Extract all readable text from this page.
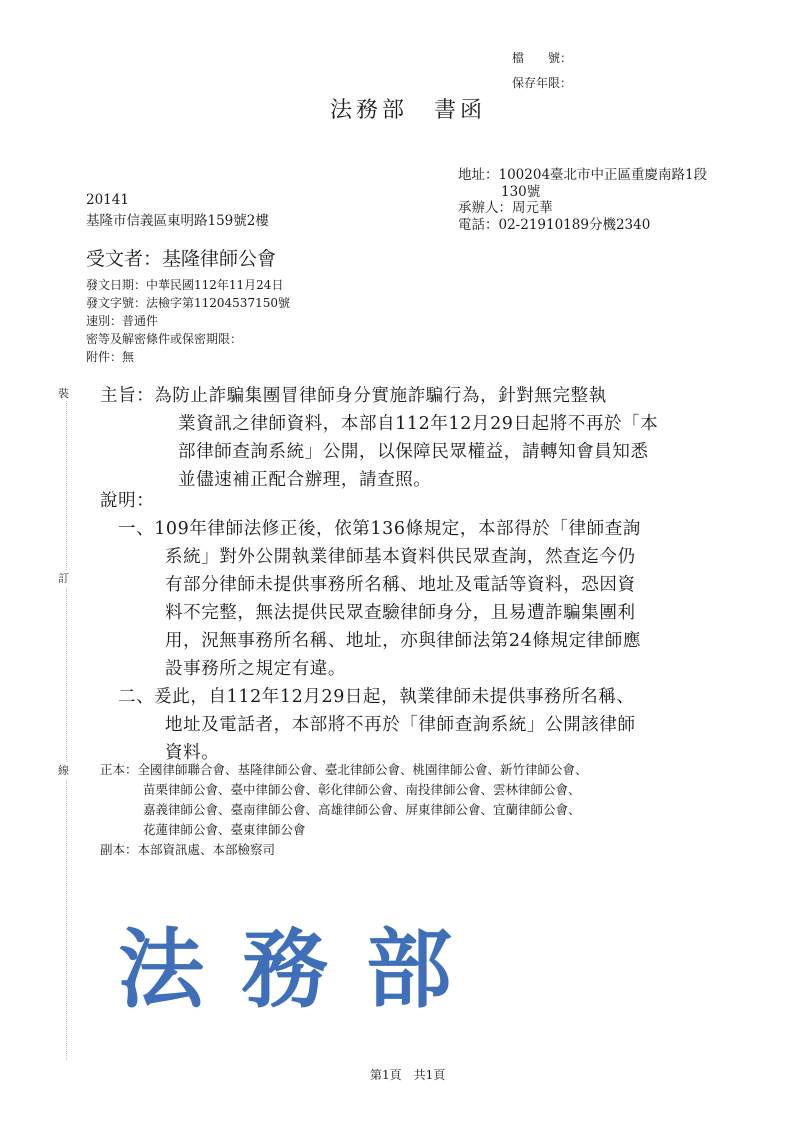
檔　　號：
保存年限：
法務部　書函
地址：100204臺北市中正區重慶南路1段
130號
承辦人：周元華
電話：02-21910189分機2340
20141
基隆市信義區東明路159號2樓
受文者：基隆律師公會
發文日期：中華民國112年11月24日
發文字號：法檢字第11204537150號
速別：普通件
密等及解密條件或保密期限：
附件：無
裝
訂
線
主旨：為防止詐騙集團冒律師身分實施詐騙行為，針對無完整執
業資訊之律師資料，本部自112年12月29日起將不再於「本
部律師查詢系統」公開，以保障民眾權益，請轉知會員知悉
並儘速補正配合辦理，請查照。
說明：
一、109年律師法修正後，依第136條規定，本部得於「律師查詢
系統」對外公開執業律師基本資料供民眾查詢，然查迄今仍
有部分律師未提供事務所名稱、地址及電話等資料，恐因資
料不完整，無法提供民眾查驗律師身分，且易遭詐騙集團利
用，況無事務所名稱、地址，亦與律師法第24條規定律師應
設事務所之規定有違。
二、爰此，自112年12月29日起，執業律師未提供事務所名稱、
地址及電話者，本部將不再於「律師查詢系統」公開該律師
資料。
正本：全國律師聯合會、基隆律師公會、臺北律師公會、桃園律師公會、新竹律師公會、
苗栗律師公會、臺中律師公會、彰化律師公會、南投律師公會、雲林律師公會、
嘉義律師公會、臺南律師公會、高雄律師公會、屏東律師公會、宜蘭律師公會、
花蓮律師公會、臺東律師公會
副本：本部資訊處、本部檢察司
法務部
第1頁　共1頁
